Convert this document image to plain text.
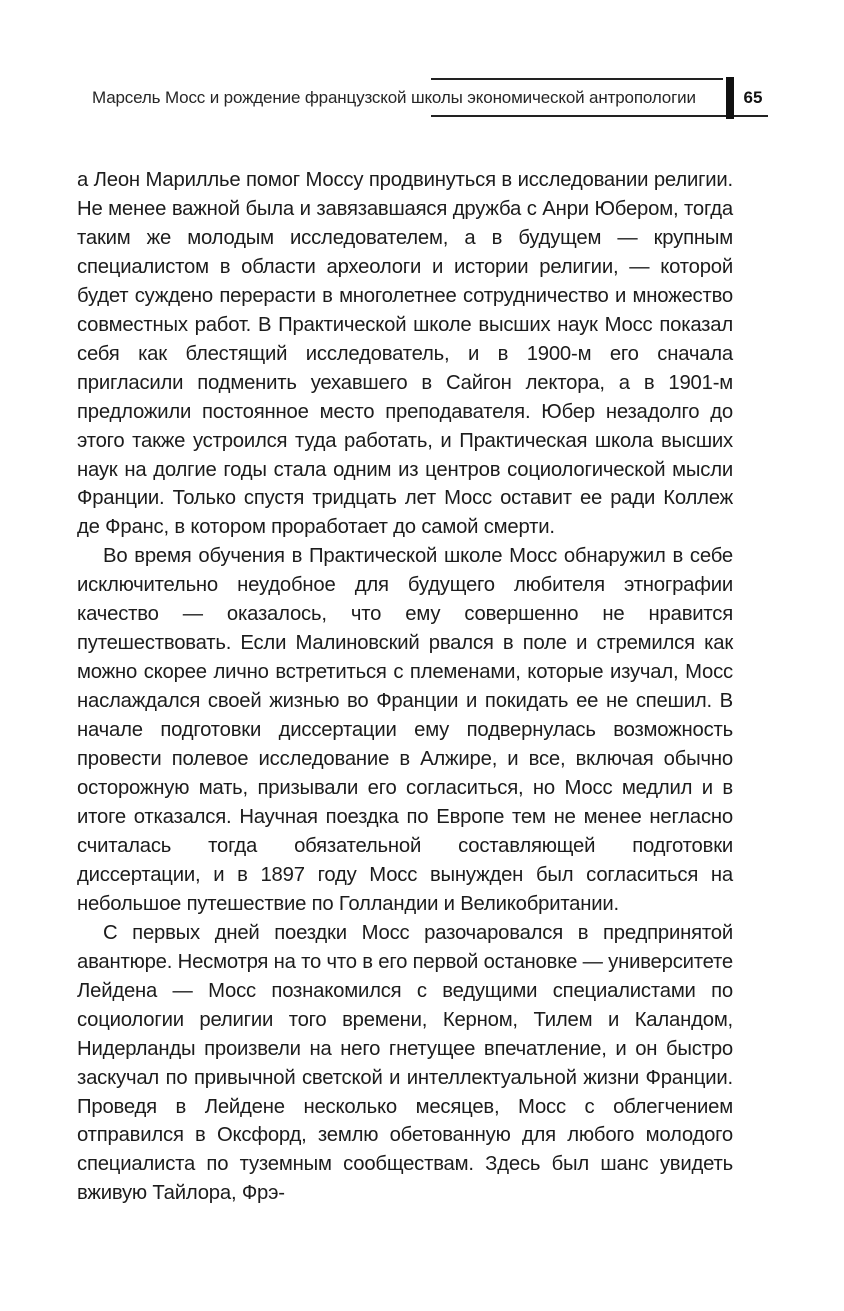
Марсель Мосс и рождение французской школы экономической антропологии	65

а Леон Марилльe помог Моссу продвинуться в исследовании религии. Не менее важной была и завязавшаяся дружба с Анри Юбером, тогда таким же молодым исследователем, а в будущем — крупным специалистом в области археологи и истории религии, — которой будет суждено перерасти в многолетнее сотрудничество и множество совместных работ. В Практической школе высших наук Мосс показал себя как блестящий исследователь, и в 1900-м его сначала пригласили подменить уехавшего в Сайгон лектора, а в 1901-м предложили постоянное место преподавателя. Юбер незадолго до этого также устроился туда работать, и Практическая школа высших наук на долгие годы стала одним из центров социологической мысли Франции. Только спустя тридцать лет Мосс оставит ее ради Коллеж де Франс, в котором проработает до самой смерти.

Во время обучения в Практической школе Мосс обнаружил в себе исключительно неудобное для будущего любителя этнографии качество — оказалось, что ему совершенно не нравится путешествовать. Если Малиновский рвался в поле и стремился как можно скорее лично встретиться с племенами, которые изучал, Мосс наслаждался своей жизнью во Франции и покидать ее не спешил. В начале подготовки диссертации ему подвернулась возможность провести полевое исследование в Алжире, и все, включая обычно осторожную мать, призывали его согласиться, но Мосс медлил и в итоге отказался. Научная поездка по Европе тем не менее негласно считалась тогда обязательной составляющей подготовки диссертации, и в 1897 году Мосс вынужден был согласиться на небольшое путешествие по Голландии и Великобритании.

С первых дней поездки Мосс разочаровался в предпринятой авантюре. Несмотря на то что в его первой остановке — университете Лейдена — Мосс познакомился с ведущими специалистами по социологии религии того времени, Керном, Тилем и Каландом, Нидерланды произвели на него гнетущее впечатление, и он быстро заскучал по привычной светской и интеллектуальной жизни Франции. Проведя в Лейдене несколько месяцев, Мосс с облегчением отправился в Оксфорд, землю обетованную для любого молодого специалиста по туземным сообществам. Здесь был шанс увидеть вживую Тайлора, Фрэ-
